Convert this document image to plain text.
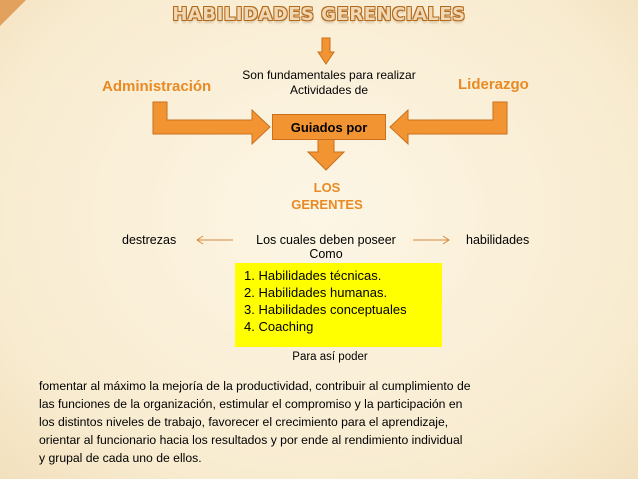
HABILIDADES GERENCIALES
Administración	Liderazgo
Son fundamentales para realizar
Actividades de
Guiados por
LOS
GERENTES
destrezas	Los cuales deben poseer
Como
habilidades
1. Habilidades técnicas.
2. Habilidades humanas.
3. Habilidades conceptuales
4. Coaching
Para así poder
fomentar al máximo la mejoría de la productividad, contribuir al cumplimiento de
las funciones de la organización, estimular el compromiso y la participación en
los distintos niveles de trabajo, favorecer el crecimiento para el aprendizaje,
orientar al funcionario hacia los resultados y por ende al rendimiento individual
y grupal de cada uno de ellos.
